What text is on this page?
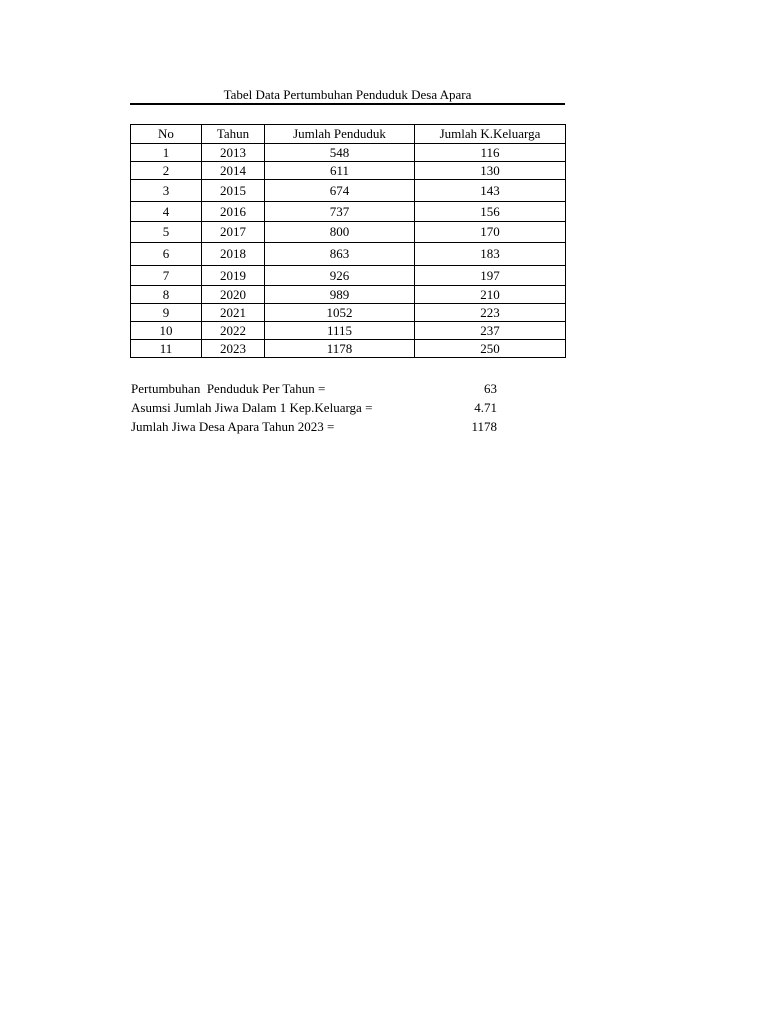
Tabel Data Pertumbuhan Penduduk Desa Apara
No	Tahun	Jumlah Penduduk	Jumlah K.Keluarga
1	2013	548	116
2	2014	611	130
3	2015	674	143
4	2016	737	156
5	2017	800	170
6	2018	863	183
7	2019	926	197
8	2020	989	210
9	2021	1052	223
10	2022	1115	237
11	2023	1178	250
Pertumbuhan  Penduduk Per Tahun =	63
Asumsi Jumlah Jiwa Dalam 1 Kep.Keluarga =	4.71
Jumlah Jiwa Desa Apara Tahun 2023 =	1178
